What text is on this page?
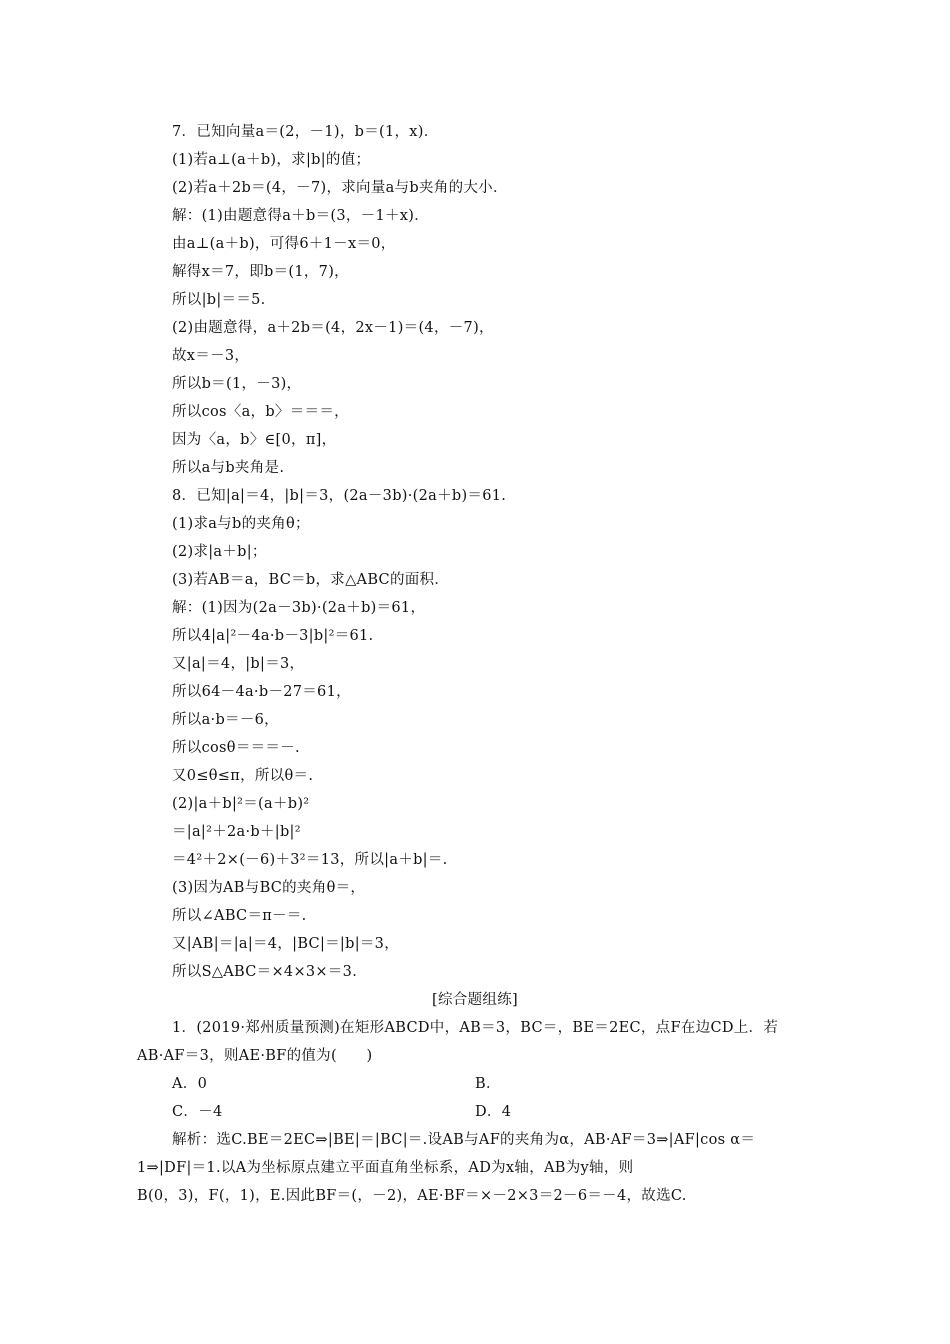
7．已知向量a＝(2，－1)，b＝(1，x)．
(1)若a⊥(a＋b)，求|b|的值；
(2)若a＋2b＝(4，－7)，求向量a与b夹角的大小．
解：(1)由题意得a＋b＝(3，－1＋x)．
由a⊥(a＋b)，可得6＋1－x＝0，
解得x＝7，即b＝(1，7)，
所以|b|＝＝5.
(2)由题意得，a＋2b＝(4，2x－1)＝(4，－7)，
故x＝－3，
所以b＝(1，－3)，
所以cos〈a，b〉＝＝＝，
因为〈a，b〉∈[0，π]，
所以a与b夹角是.
8．已知|a|＝4，|b|＝3，(2a－3b)·(2a＋b)＝61.
(1)求a与b的夹角θ；
(2)求|a＋b|；
(3)若AB＝a，BC＝b，求△ABC的面积．
解：(1)因为(2a－3b)·(2a＋b)＝61，
所以4|a|²－4a·b－3|b|²＝61.
又|a|＝4，|b|＝3，
所以64－4a·b－27＝61，
所以a·b＝－6，
所以cosθ＝＝＝－.
又0≤θ≤π，所以θ＝.
(2)|a＋b|²＝(a＋b)²
＝|a|²＋2a·b＋|b|²
＝4²＋2×(－6)＋3²＝13，所以|a＋b|＝.
(3)因为AB与BC的夹角θ＝，
所以∠ABC＝π－＝.
又|AB|＝|a|＝4，|BC|＝|b|＝3，
所以S△ABC＝×4×3×＝3.
[综合题组练]
1．(2019·郑州质量预测)在矩形ABCD中，AB＝3，BC＝，BE＝2EC，点F在边CD上．若
AB·AF＝3，则AE·BF的值为(　　)
A．0	B．
C．－4	D．4
解析：选C.BE＝2EC⇒|BE|＝|BC|＝.设AB与AF的夹角为α，AB·AF＝3⇒|AF|cos α＝
1⇒|DF|＝1.以A为坐标原点建立平面直角坐标系，AD为x轴，AB为y轴，则
B(0，3)，F(，1)，E.因此BF＝(，－2)，AE·BF＝×－2×3＝2－6＝－4，故选C.
